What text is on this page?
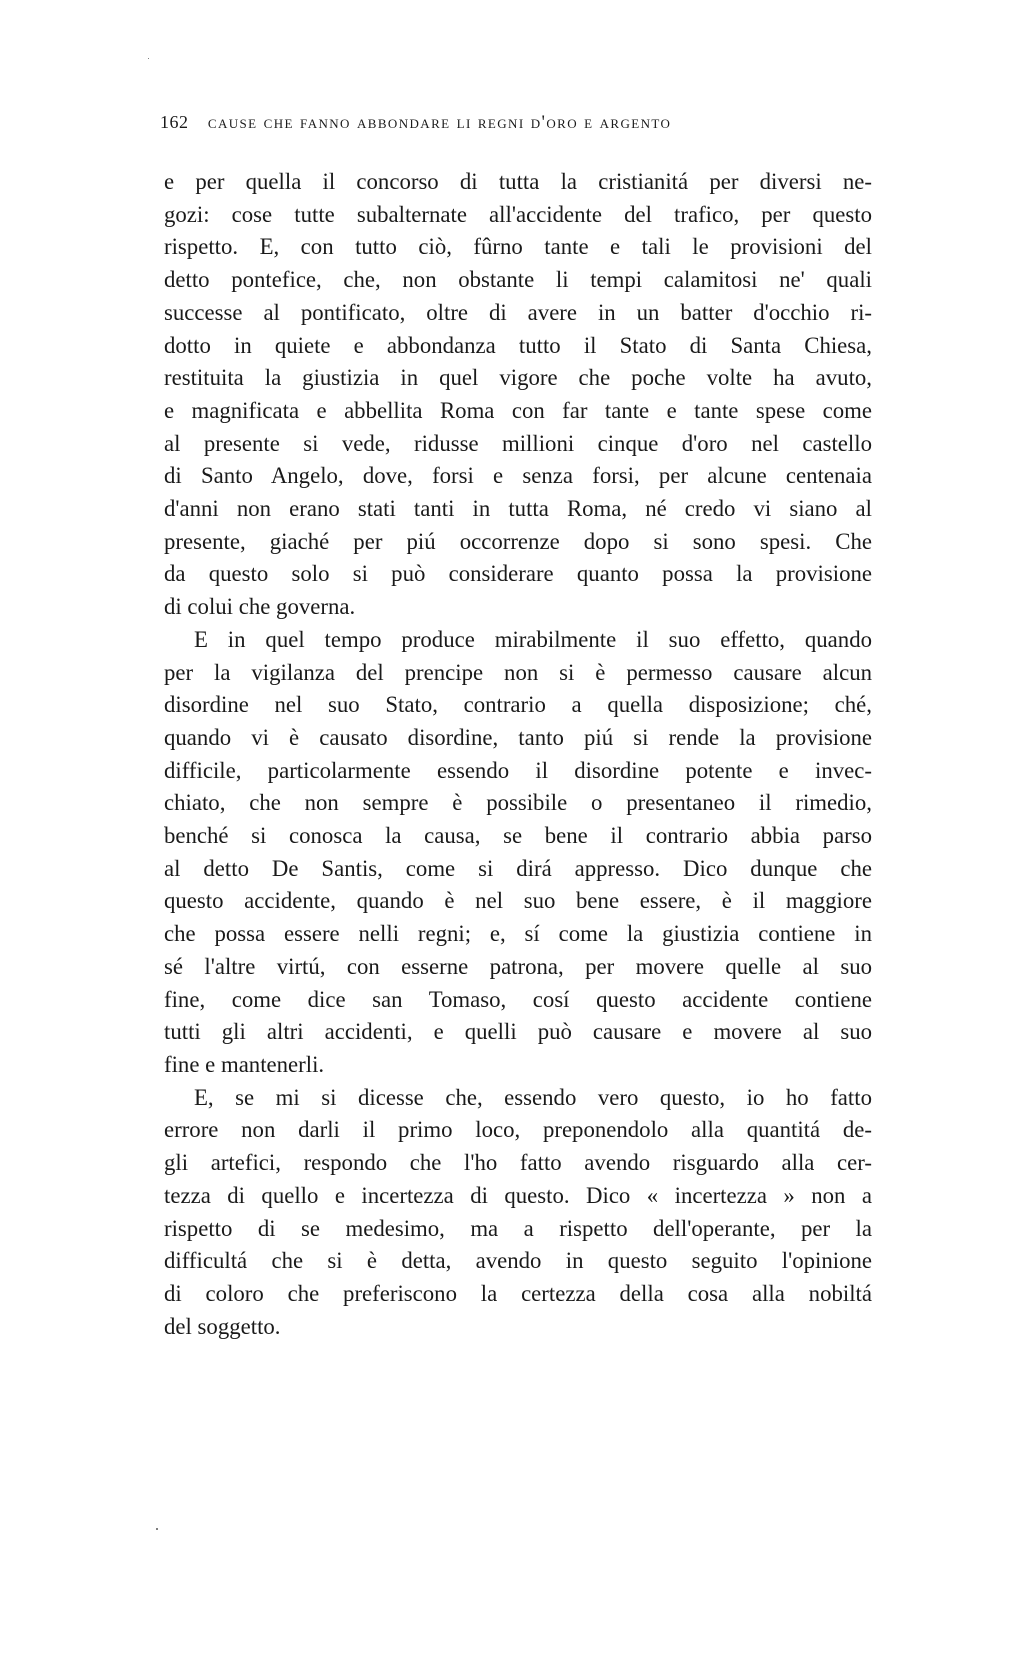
162 cause che fanno abbondare li regni d'oro e argento

e per quella il concorso di tutta la cristianitá per diversi ne-
gozi: cose tutte subalternate all'accidente del trafico, per questo
rispetto. E, con tutto ciò, fûrno tante e tali le provisioni del
detto pontefice, che, non obstante li tempi calamitosi ne' quali
successe al pontificato, oltre di avere in un batter d'occhio ri-
dotto in quiete e abbondanza tutto il Stato di Santa Chiesa,
restituita la giustizia in quel vigore che poche volte ha avuto,
e magnificata e abbellita Roma con far tante e tante spese come
al presente si vede, ridusse millioni cinque d'oro nel castello
di Santo Angelo, dove, forsi e senza forsi, per alcune centenaia
d'anni non erano stati tanti in tutta Roma, né credo vi siano al
presente, giaché per piú occorrenze dopo si sono spesi. Che
da questo solo si può considerare quanto possa la provisione
di colui che governa.

E in quel tempo produce mirabilmente il suo effetto, quando
per la vigilanza del prencipe non si è permesso causare alcun
disordine nel suo Stato, contrario a quella disposizione; ché,
quando vi è causato disordine, tanto piú si rende la provisione
difficile, particolarmente essendo il disordine potente e invec-
chiato, che non sempre è possibile o presentaneo il rimedio,
benché si conosca la causa, se bene il contrario abbia parso
al detto De Santis, come si dirá appresso. Dico dunque che
questo accidente, quando è nel suo bene essere, è il maggiore
che possa essere nelli regni; e, sí come la giustizia contiene in
sé l'altre virtú, con esserne patrona, per movere quelle al suo
fine, come dice san Tomaso, cosí questo accidente contiene
tutti gli altri accidenti, e quelli può causare e movere al suo
fine e mantenerli.

E, se mi si dicesse che, essendo vero questo, io ho fatto
errore non darli il primo loco, preponendolo alla quantitá de-
gli artefici, respondo che l'ho fatto avendo risguardo alla cer-
tezza di quello e incertezza di questo. Dico « incertezza » non a
rispetto di se medesimo, ma a rispetto dell'operante, per la
difficultá che si è detta, avendo in questo seguito l'opinione
di coloro che preferiscono la certezza della cosa alla nobiltá
del soggetto.
